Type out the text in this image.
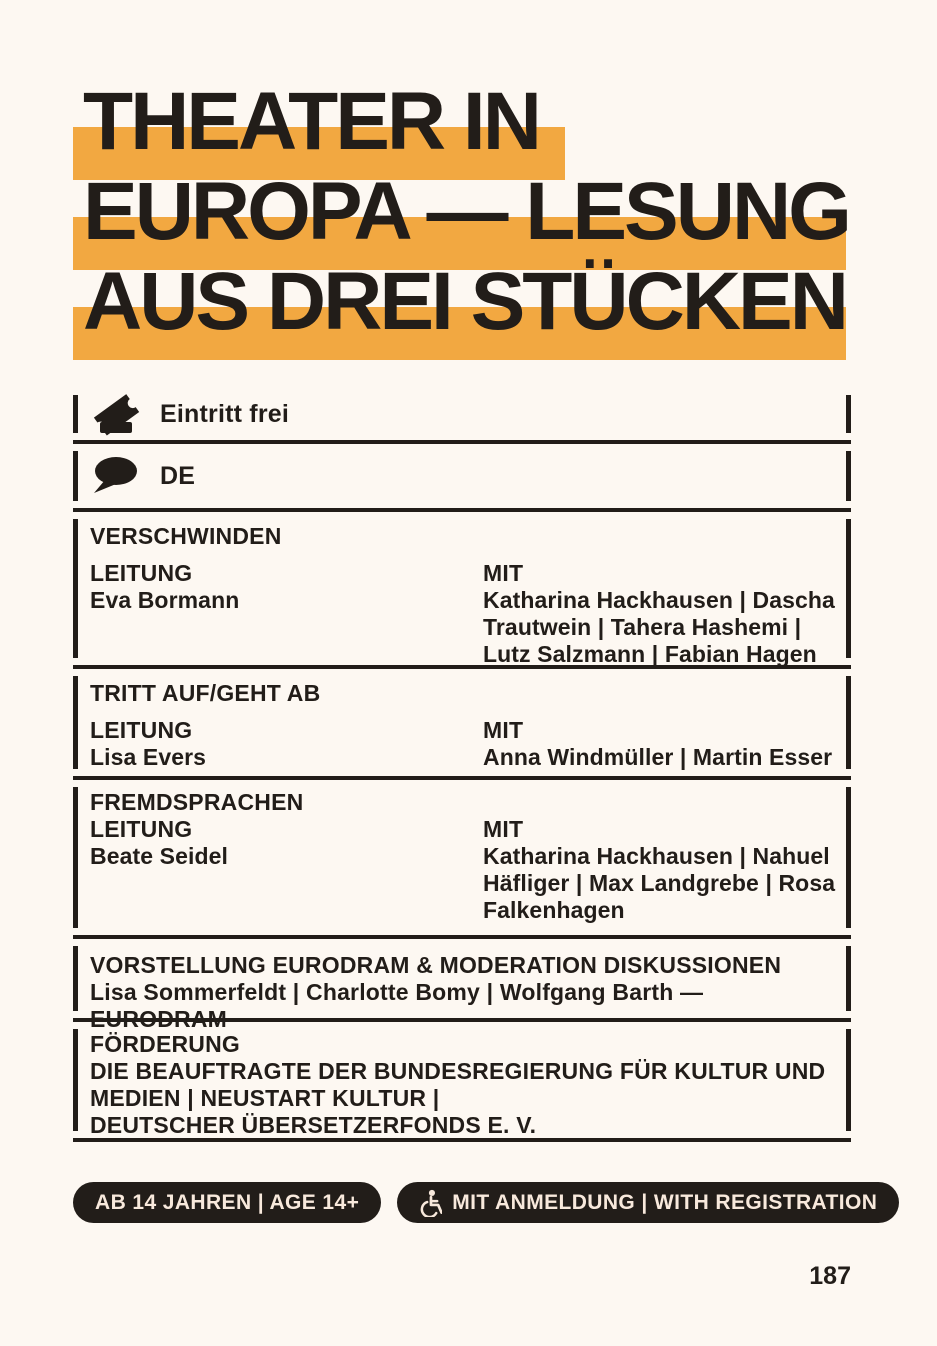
THEATER IN
EUROPA — LESUNG
AUS DREI STÜCKEN
Eintritt frei
DE
VERSCHWINDEN
LEITUNG
Eva Bormann
MIT
Katharina Hackhausen | Dascha Trautwein | Tahera Hashemi | Lutz Salzmann | Fabian Hagen
TRITT AUF/GEHT AB
LEITUNG
Lisa Evers
MIT
Anna Windmüller | Martin Esser
FREMDSPRACHEN
LEITUNG
Beate Seidel
MIT
Katharina Hackhausen | Nahuel Häfliger | Max Landgrebe | Rosa Falkenhagen
VORSTELLUNG EURODRAM & MODERATION DISKUSSIONEN
Lisa Sommerfeldt | Charlotte Bomy | Wolfgang Barth — EURODRAM
FÖRDERUNG
DIE BEAUFTRAGTE DER BUNDESREGIERUNG FÜR KULTUR UND MEDIEN | NEUSTART KULTUR |
DEUTSCHER ÜBERSETZERFONDS E. V.
AB 14 JAHREN | AGE 14+	MIT ANMELDUNG | WITH REGISTRATION
187
